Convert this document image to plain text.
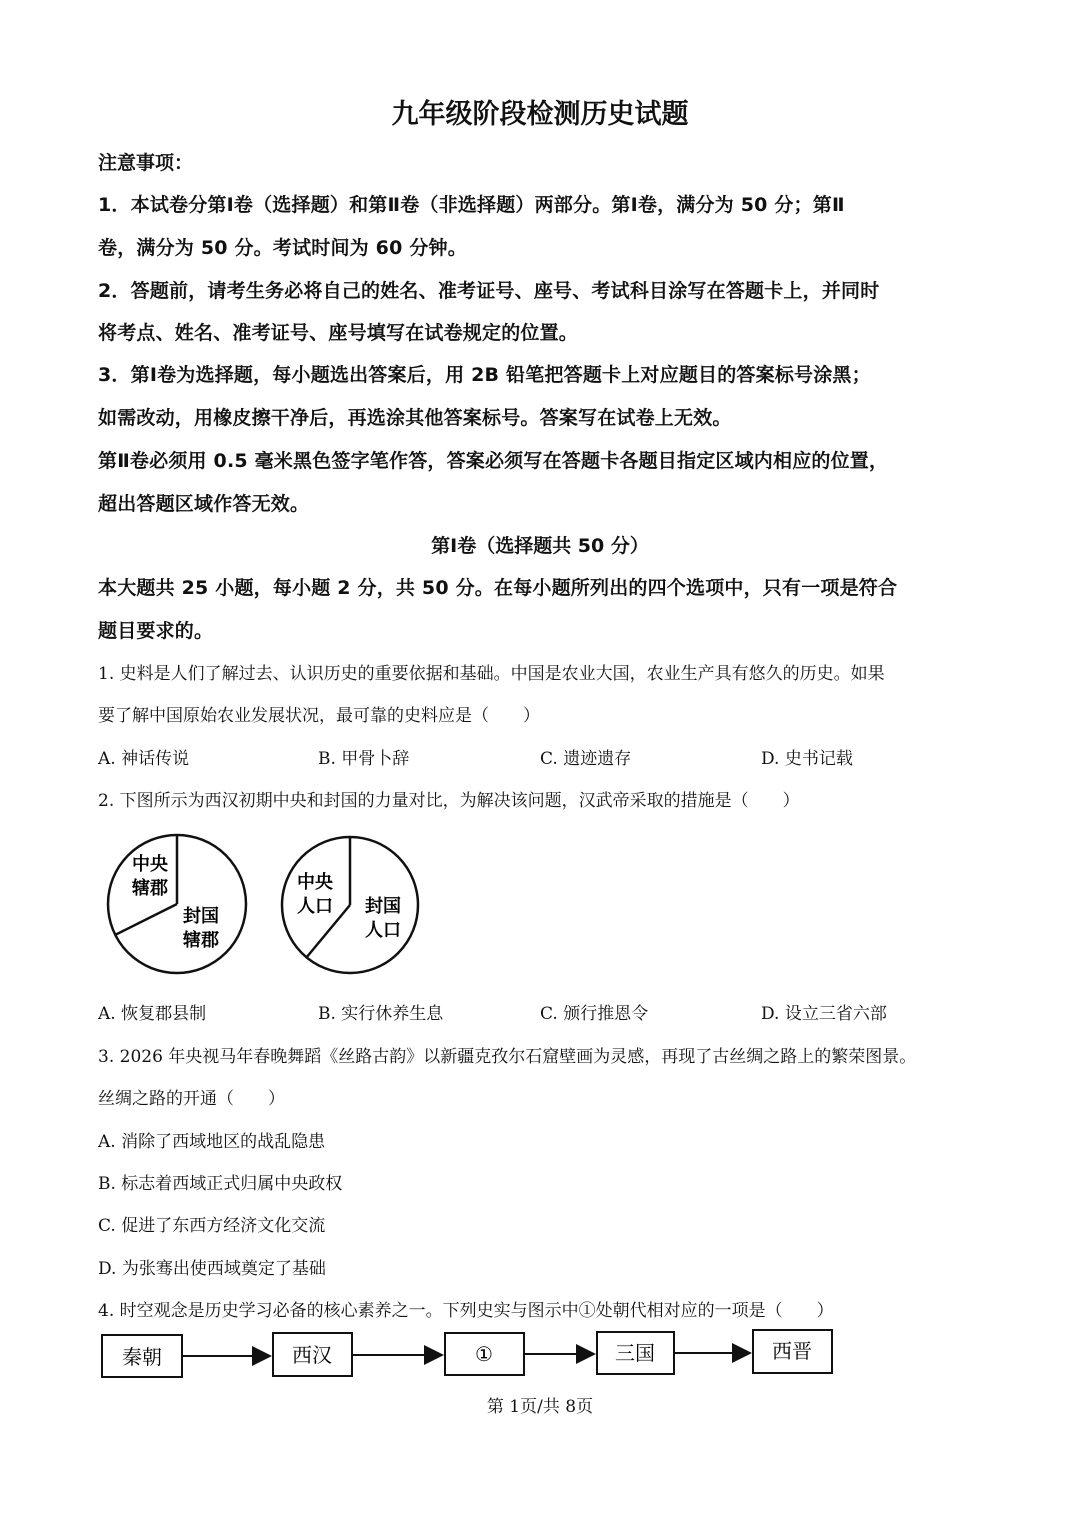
九年级阶段检测历史试题
注意事项：
1．本试卷分第Ⅰ卷（选择题）和第Ⅱ卷（非选择题）两部分。第Ⅰ卷，满分为 50 分；第Ⅱ
卷，满分为 50 分。考试时间为 60 分钟。
2．答题前，请考生务必将自己的姓名、准考证号、座号、考试科目涂写在答题卡上，并同时
将考点、姓名、准考证号、座号填写在试卷规定的位置。
3．第Ⅰ卷为选择题，每小题选出答案后，用 2B 铅笔把答题卡上对应题目的答案标号涂黑；
如需改动，用橡皮擦干净后，再选涂其他答案标号。答案写在试卷上无效。
第Ⅱ卷必须用 0.5 毫米黑色签字笔作答，答案必须写在答题卡各题目指定区域内相应的位置，
超出答题区域作答无效。
第Ⅰ卷（选择题共 50 分）
本大题共 25 小题，每小题 2 分，共 50 分。在每小题所列出的四个选项中，只有一项是符合
题目要求的。
1. 史料是人们了解过去、认识历史的重要依据和基础。中国是农业大国，农业生产具有悠久的历史。如果
要了解中国原始农业发展状况，最可靠的史料应是（　　）
A. 神话传说	B. 甲骨卜辞	C. 遗迹遗存	D. 史书记载
2. 下图所示为西汉初期中央和封国的力量对比，为解决该问题，汉武帝采取的措施是（　　）
中央
辖郡
封国
辖郡
中央
人口 封国
人口
A. 恢复郡县制	B. 实行休养生息	C. 颁行推恩令	D. 设立三省六部
3. 2026 年央视马年春晚舞蹈《丝路古韵》以新疆克孜尔石窟壁画为灵感，再现了古丝绸之路上的繁荣图景。
丝绸之路的开通（　　）
A. 消除了西域地区的战乱隐患
B. 标志着西域正式归属中央政权
C. 促进了东西方经济文化交流
D. 为张骞出使西域奠定了基础
4. 时空观念是历史学习必备的核心素养之一。下列史实与图示中①处朝代相对应的一项是（　　）
秦朝	西汉	①	三国	西晋
第 1页/共 8页
